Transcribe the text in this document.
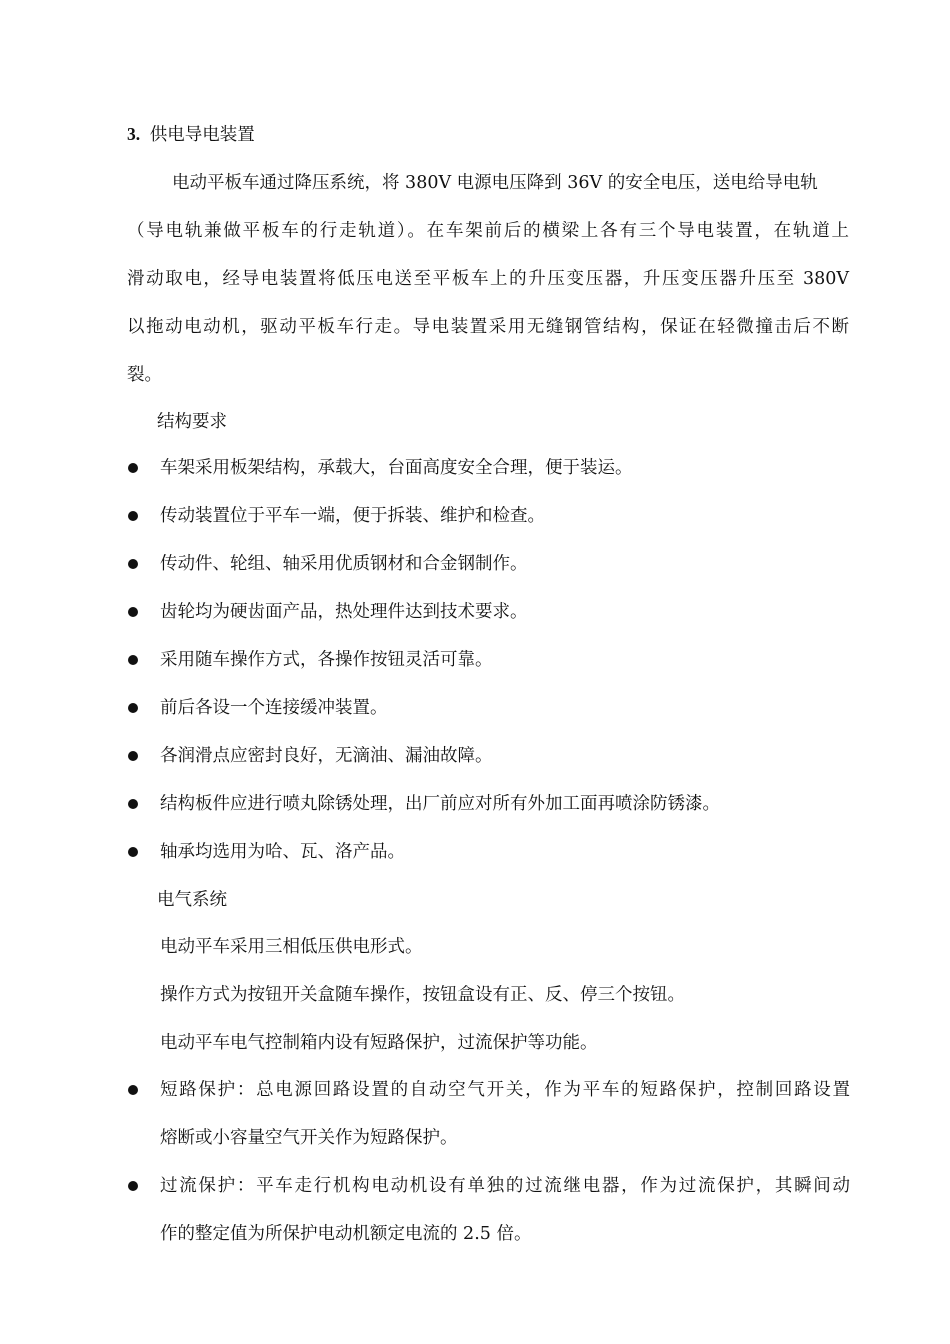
3. 供电导电装置
电动平板车通过降压系统，将 380V 电源电压降到 36V 的安全电压，送电给导电轨
（导电轨兼做平板车的行走轨道）。在车架前后的横梁上各有三个导电装置，在轨道上
滑动取电，经导电装置将低压电送至平板车上的升压变压器，升压变压器升压至 380V
以拖动电动机，驱动平板车行走。导电装置采用无缝钢管结构，保证在轻微撞击后不断
裂。
结构要求
车架采用板架结构，承载大，台面高度安全合理，便于装运。
传动装置位于平车一端，便于拆装、维护和检查。
传动件、轮组、轴采用优质钢材和合金钢制作。
齿轮均为硬齿面产品，热处理件达到技术要求。
采用随车操作方式，各操作按钮灵活可靠。
前后各设一个连接缓冲装置。
各润滑点应密封良好，无滴油、漏油故障。
结构板件应进行喷丸除锈处理，出厂前应对所有外加工面再喷涂防锈漆。
轴承均选用为哈、瓦、洛产品。
电气系统
电动平车采用三相低压供电形式。
操作方式为按钮开关盒随车操作，按钮盒设有正、反、停三个按钮。
电动平车电气控制箱内设有短路保护，过流保护等功能。
短路保护：总电源回路设置的自动空气开关，作为平车的短路保护，控制回路设置
熔断或小容量空气开关作为短路保护。
过流保护：平车走行机构电动机设有单独的过流继电器，作为过流保护，其瞬间动
作的整定值为所保护电动机额定电流的 2.5 倍。
